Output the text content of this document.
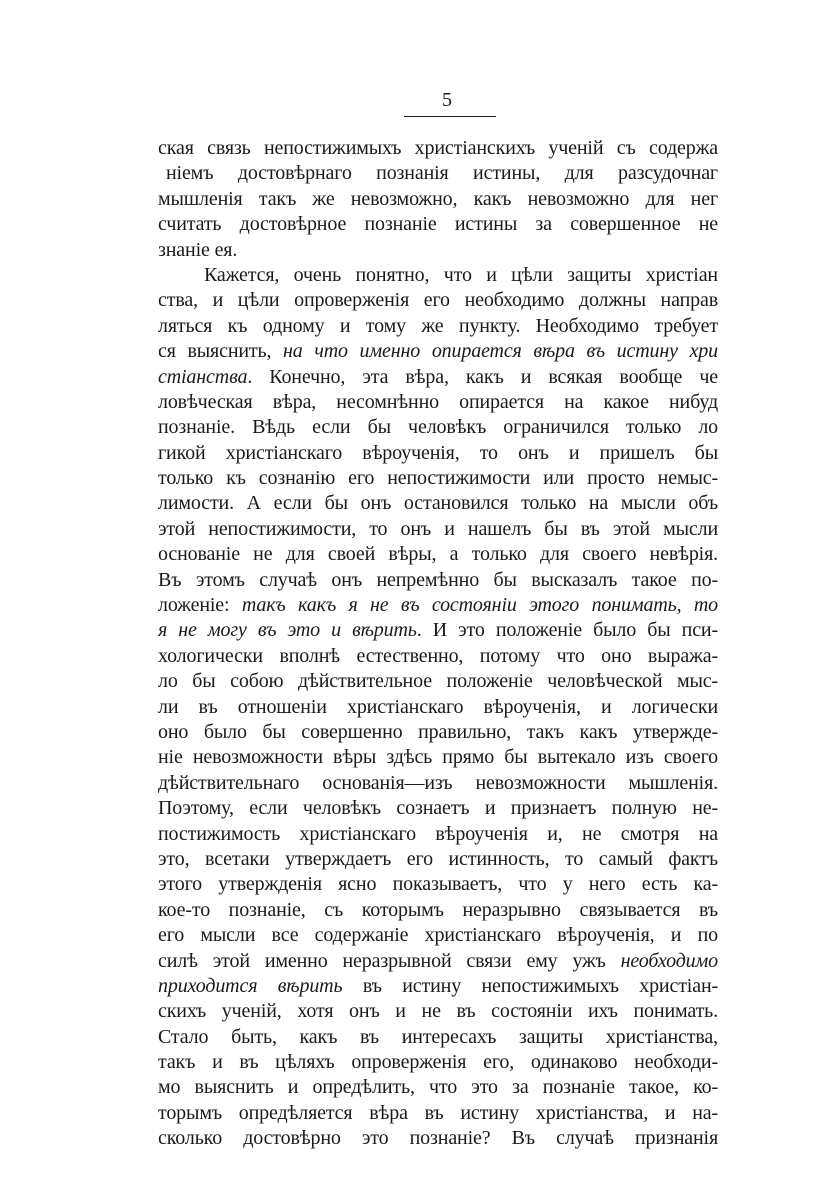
5
ская связь непостижимыхъ христіанскихъ ученій съ содержа
ніемъ достовѣрнаго познанія истины, для разсудочнаг
мышленія такъ же невозможно, какъ невозможно для нег
считать достовѣрное познаніе истины за совершенное не
знаніе ея.
Кажется, очень понятно, что и цѣли защиты христіан
ства, и цѣли опроверженія его необходимо должны направ
ляться къ одному и тому же пункту. Необходимо требует
ся выяснить, на что именно опирается вѣра въ истину хри
стіанства. Конечно, эта вѣра, какъ и всякая вообще че
ловѣческая вѣра, несомнѣнно опирается на какое нибуд
познаніе. Вѣдь если бы человѣкъ ограничился только ло
гикой христіанскаго вѣроученія, то онъ и пришелъ бы
только къ сознанію его непостижимости или просто немыс-
лимости. А если бы онъ остановился только на мысли объ
этой непостижимости, то онъ и нашелъ бы въ этой мысли
основаніе не для своей вѣры, а только для своего невѣрія.
Въ этомъ случаѣ онъ непремѣнно бы высказалъ такое по-
ложеніе: такъ какъ я не въ состояніи этого понимать, то
я не могу въ это и вѣрить. И это положеніе было бы пси-
хологически вполнѣ естественно, потому что оно выража-
ло бы собою дѣйствительное положеніе человѣческой мыс-
ли въ отношеніи христіанскаго вѣроученія, и логически
оно было бы совершенно правильно, такъ какъ утвержде-
ніе невозможности вѣры здѣсь прямо бы вытекало изъ своего
дѣйствительнаго основанія—изъ невозможности мышленія.
Поэтому, если человѣкъ сознаетъ и признаетъ полную не-
постижимость христіанскаго вѣроученія и, не смотря на
это, всетаки утверждаетъ его истинность, то самый фактъ
этого утвержденія ясно показываетъ, что у него есть ка-
кое-то познаніе, съ которымъ неразрывно связывается въ
его мысли все содержаніе христіанскаго вѣроученія, и по
силѣ этой именно неразрывной связи ему ужъ необходимо
приходится вѣрить въ истину непостижимыхъ христіан-
скихъ ученій, хотя онъ и не въ состояніи ихъ понимать.
Стало быть, какъ въ интересахъ защиты христіанства,
такъ и въ цѣляхъ опроверженія его, одинаково необходи-
мо выяснить и опредѣлить, что это за познаніе такое, ко-
торымъ опредѣляется вѣра въ истину христіанства, и на-
сколько достовѣрно это познаніе? Въ случаѣ признанія
